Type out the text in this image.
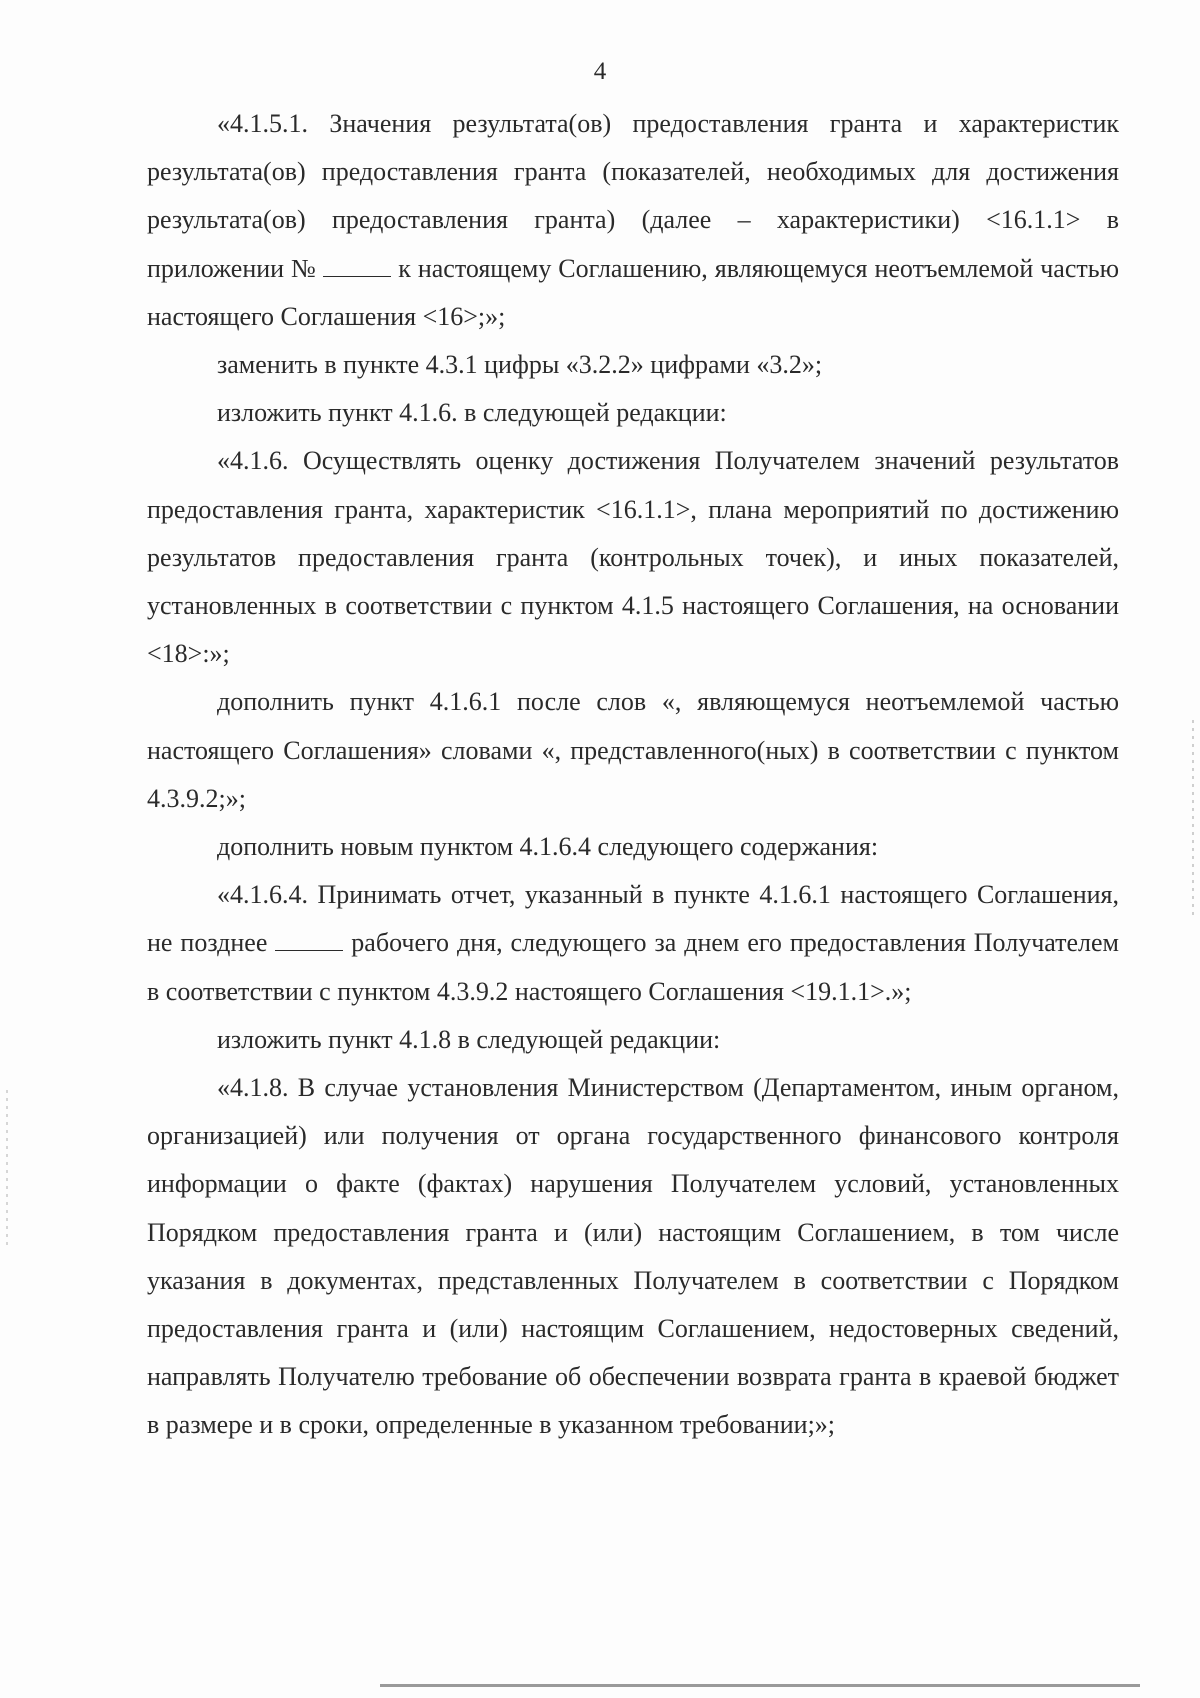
4

«4.1.5.1. Значения результата(ов) предоставления гранта и характеристик результата(ов) предоставления гранта (показателей, необходимых для достижения результата(ов) предоставления гранта) (далее – характеристики) <16.1.1> в приложении №	к настоящему Соглашению, являющемуся неотъемлемой частью настоящего Соглашения <16>;»;

заменить в пункте 4.3.1 цифры «3.2.2» цифрами «3.2»;

изложить пункт 4.1.6. в следующей редакции:

«4.1.6. Осуществлять оценку достижения Получателем значений результатов предоставления гранта, характеристик <16.1.1>, плана мероприятий по достижению результатов предоставления гранта (контрольных точек), и иных показателей, установленных в соответствии с пунктом 4.1.5 настоящего Соглашения, на основании <18>:»;

дополнить пункт 4.1.6.1 после слов «, являющемуся неотъемлемой частью настоящего Соглашения» словами «, представленного(ных) в соответствии с пунктом 4.3.9.2;»;

дополнить новым пунктом 4.1.6.4 следующего содержания:

«4.1.6.4. Принимать отчет, указанный в пункте 4.1.6.1 настоящего Соглашения, не позднее	рабочего дня, следующего за днем его предоставления Получателем в соответствии с пунктом 4.3.9.2 настоящего Соглашения <19.1.1>.»;

изложить пункт 4.1.8 в следующей редакции:

«4.1.8. В случае установления Министерством (Департаментом, иным органом, организацией) или получения от органа государственного финансового контроля информации о факте (фактах) нарушения Получателем условий, установленных Порядком предоставления гранта и (или) настоящим Соглашением, в том числе указания в документах, представленных Получателем в соответствии с Порядком предоставления гранта и (или) настоящим Соглашением, недостоверных сведений, направлять Получателю требование об обеспечении возврата гранта в краевой бюджет в размере и в сроки, определенные в указанном требовании;»;
